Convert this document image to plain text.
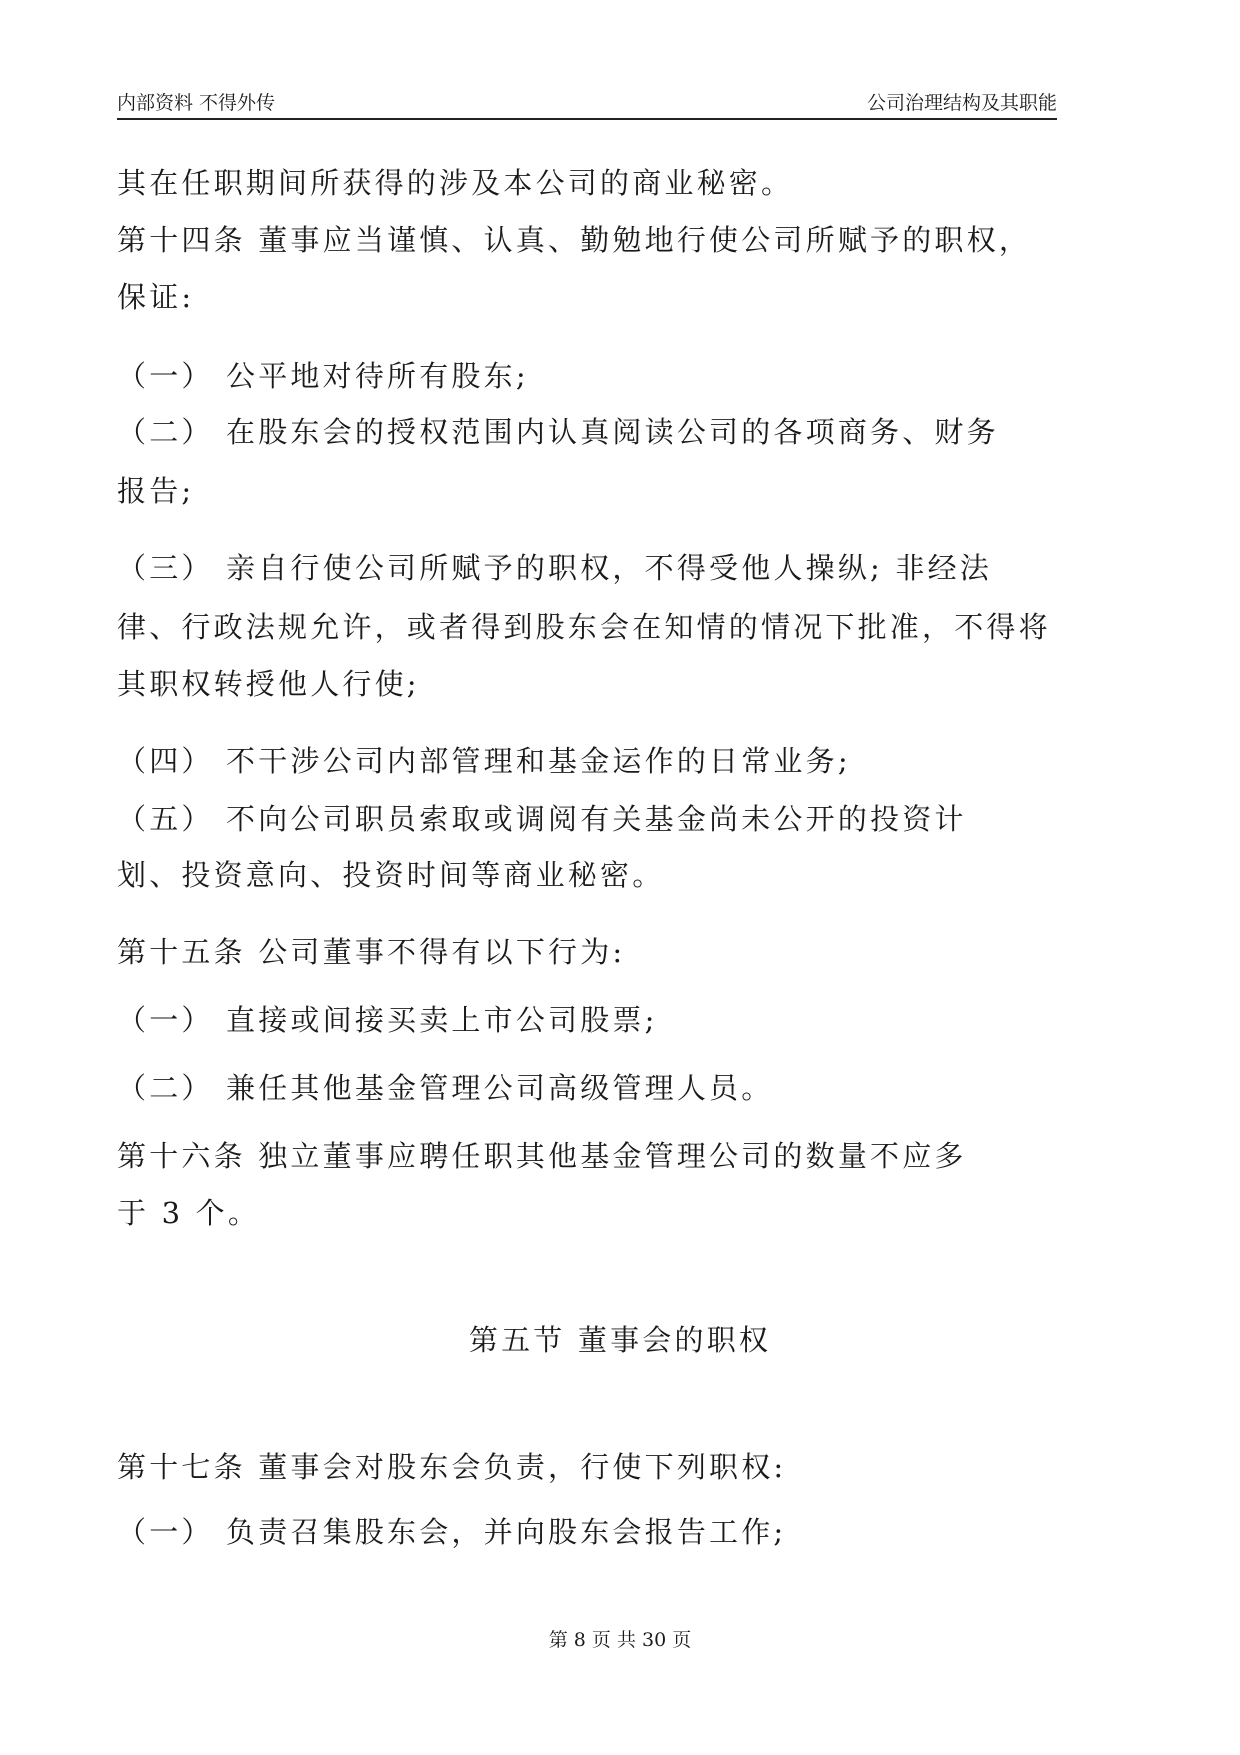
内部资料 不得外传	公司治理结构及其职能
其在任职期间所获得的涉及本公司的商业秘密。
第十四条 董事应当谨慎、认真、勤勉地行使公司所赋予的职权，
保证:
（一） 公平地对待所有股东;
（二） 在股东会的授权范围内认真阅读公司的各项商务、财务
报告;
（三） 亲自行使公司所赋予的职权，不得受他人操纵; 非经法
律、行政法规允许，或者得到股东会在知情的情况下批准，不得将
其职权转授他人行使;
（四） 不干涉公司内部管理和基金运作的日常业务;
（五） 不向公司职员索取或调阅有关基金尚未公开的投资计
划、投资意向、投资时间等商业秘密。
第十五条 公司董事不得有以下行为:
（一） 直接或间接买卖上市公司股票;
（二） 兼任其他基金管理公司高级管理人员。
第十六条 独立董事应聘任职其他基金管理公司的数量不应多
于 3 个。
第五节 董事会的职权
第十七条 董事会对股东会负责，行使下列职权:
（一） 负责召集股东会，并向股东会报告工作;
第 8 页 共 30 页
